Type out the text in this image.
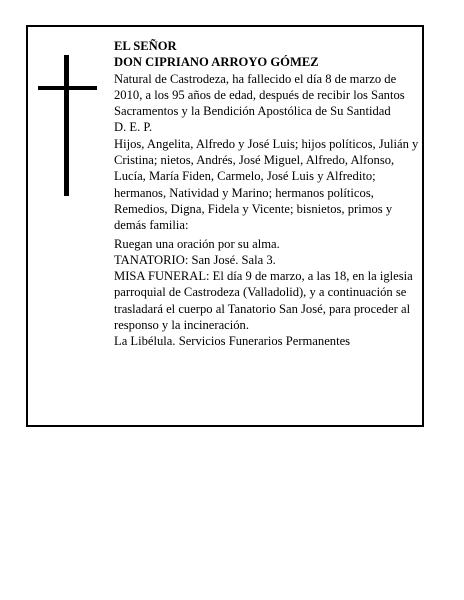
EL SEÑOR

DON CIPRIANO ARROYO GÓMEZ

Natural de Castrodeza, ha fallecido el día 8 de marzo de 2010, a los 95 años de edad, después de recibir los Santos Sacramentos y la Bendición Apostólica de Su Santidad

D. E. P.

Hijos, Angelita, Alfredo y José Luis; hijos políticos, Julián y Cristina; nietos, Andrés, José Miguel, Alfredo, Alfonso, Lucía, María Fiden, Carmelo, José Luis y Alfredito; hermanos, Natividad y Marino; hermanos políticos, Remedios, Digna, Fidela y Vicente; bisnietos, primos y demás familia:

Ruegan una oración por su alma.

TANATORIO: San José. Sala 3.

MISA FUNERAL: El día 9 de marzo, a las 18, en la iglesia parroquial de Castrodeza (Valladolid), y a continuación se trasladará el cuerpo al Tanatorio San José, para proceder al responso y la incineración.

La Libélula. Servicios Funerarios Permanentes
